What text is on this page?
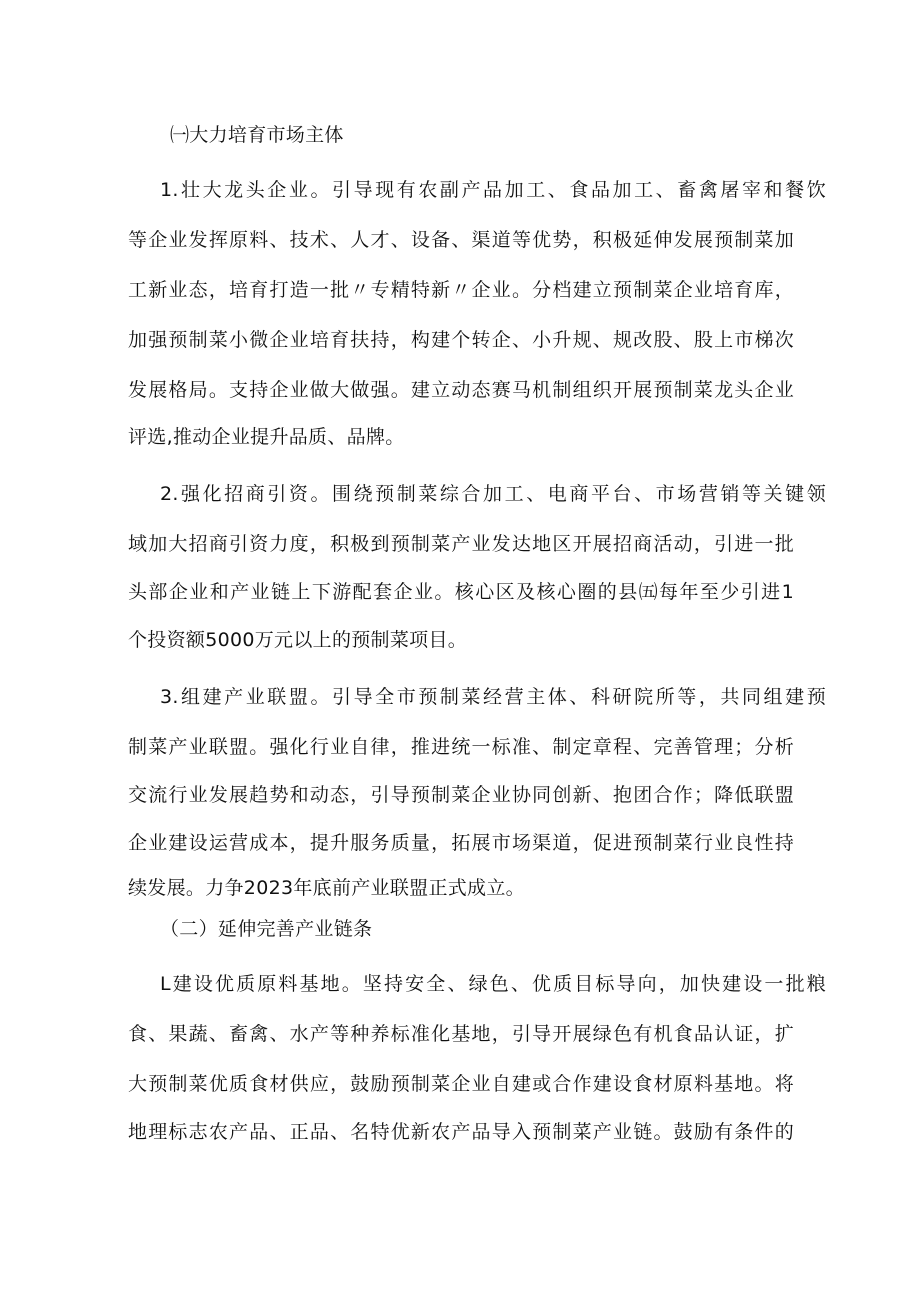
㈠大力培育市场主体
1.壮大龙头企业。引导现有农副产品加工、食品加工、畜禽屠宰和餐饮
等企业发挥原料、技术、人才、设备、渠道等优势，积极延伸发展预制菜加
工新业态，培育打造一批〃专精特新〃企业。分档建立预制菜企业培育库，
加强预制菜小微企业培育扶持，构建个转企、小升规、规改股、股上市梯次
发展格局。支持企业做大做强。建立动态赛马机制组织开展预制菜龙头企业
评选,推动企业提升品质、品牌。
2.强化招商引资。围绕预制菜综合加工、电商平台、市场营销等关键领
域加大招商引资力度，积极到预制菜产业发达地区开展招商活动，引进一批
头部企业和产业链上下游配套企业。核心区及核心圈的县㈤每年至少引进1
个投资额5000万元以上的预制菜项目。
3.组建产业联盟。引导全市预制菜经营主体、科研院所等，共同组建预
制菜产业联盟。强化行业自律，推进统一标准、制定章程、完善管理；分析
交流行业发展趋势和动态，引导预制菜企业协同创新、抱团合作；降低联盟
企业建设运营成本，提升服务质量，拓展市场渠道，促进预制菜行业良性持
续发展。力争2023年底前产业联盟正式成立。
（二）延伸完善产业链条
L建设优质原料基地。坚持安全、绿色、优质目标导向，加快建设一批粮
食、果蔬、畜禽、水产等种养标准化基地，引导开展绿色有机食品认证，扩
大预制菜优质食材供应，鼓励预制菜企业自建或合作建设食材原料基地。将
地理标志农产品、正品、名特优新农产品导入预制菜产业链。鼓励有条件的
